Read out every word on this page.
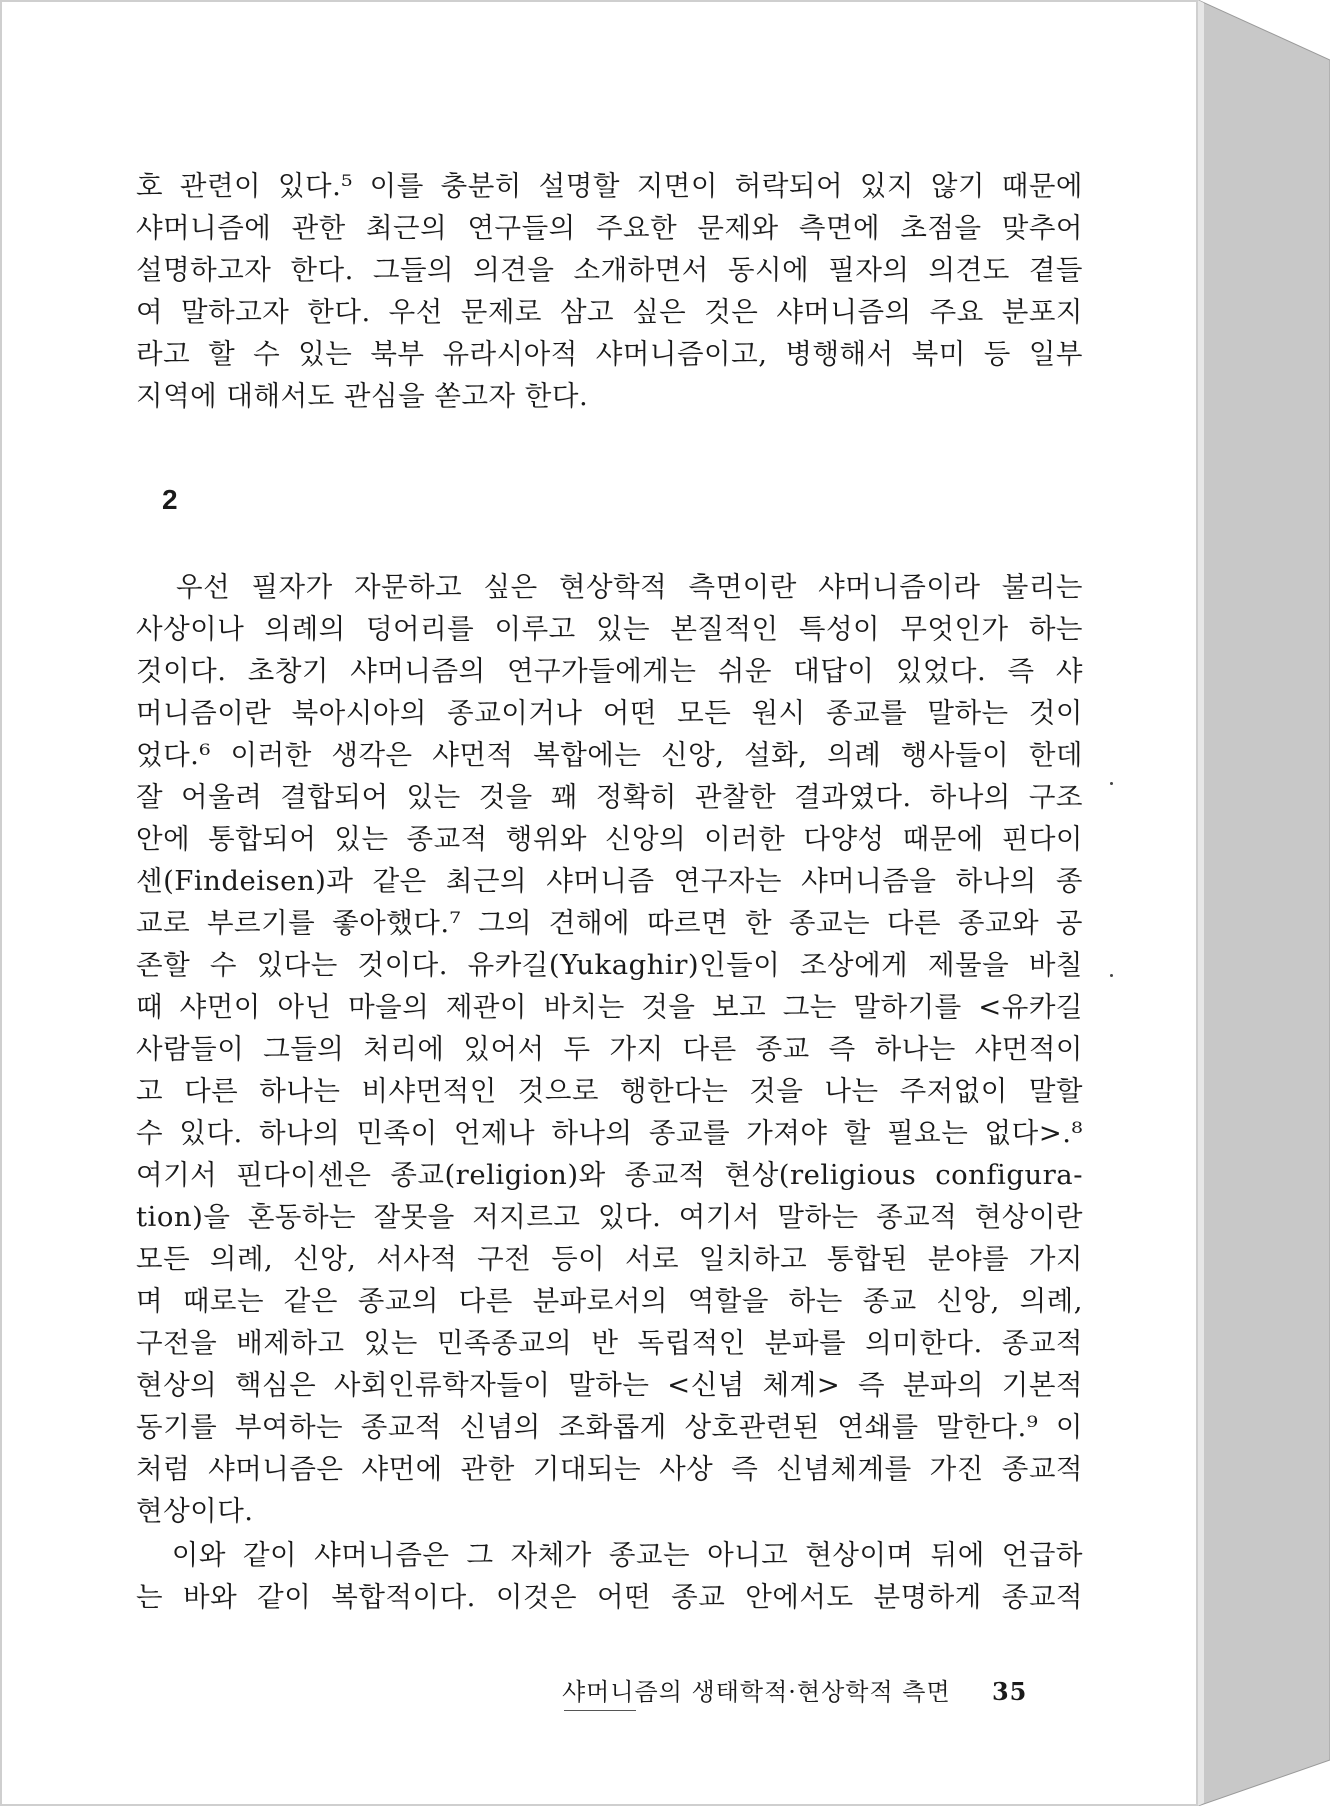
호 관련이 있다.⁵ 이를 충분히 설명할 지면이 허락되어 있지 않기 때문에
샤머니즘에 관한 최근의 연구들의 주요한 문제와 측면에 초점을 맞추어
설명하고자 한다. 그들의 의견을 소개하면서 동시에 필자의 의견도 곁들
여 말하고자 한다. 우선 문제로 삼고 싶은 것은 샤머니즘의 주요 분포지
라고 할 수 있는 북부 유라시아적 샤머니즘이고, 병행해서 북미 등 일부
지역에 대해서도 관심을 쏟고자 한다.
2
　우선 필자가 자문하고 싶은 현상학적 측면이란 샤머니즘이라 불리는
사상이나 의례의 덩어리를 이루고 있는 본질적인 특성이 무엇인가 하는
것이다. 초창기 샤머니즘의 연구가들에게는 쉬운 대답이 있었다. 즉 샤
머니즘이란 북아시아의 종교이거나 어떤 모든 원시 종교를 말하는 것이
었다.⁶ 이러한 생각은 샤먼적 복합에는 신앙, 설화, 의례 행사들이 한데
잘 어울려 결합되어 있는 것을 꽤 정확히 관찰한 결과였다. 하나의 구조
안에 통합되어 있는 종교적 행위와 신앙의 이러한 다양성 때문에 핀다이
센(Findeisen)과 같은 최근의 샤머니즘 연구자는 샤머니즘을 하나의 종
교로 부르기를 좋아했다.⁷ 그의 견해에 따르면 한 종교는 다른 종교와 공
존할 수 있다는 것이다. 유카길(Yukaghir)인들이 조상에게 제물을 바칠
때 샤먼이 아닌 마을의 제관이 바치는 것을 보고 그는 말하기를 <유카길
사람들이 그들의 처리에 있어서 두 가지 다른 종교 즉 하나는 샤먼적이
고 다른 하나는 비샤먼적인 것으로 행한다는 것을 나는 주저없이 말할
수 있다. 하나의 민족이 언제나 하나의 종교를 가져야 할 필요는 없다>.⁸
여기서 핀다이센은 종교(religion)와 종교적 현상(religious configura-
tion)을 혼동하는 잘못을 저지르고 있다. 여기서 말하는 종교적 현상이란
모든 의례, 신앙, 서사적 구전 등이 서로 일치하고 통합된 분야를 가지
며 때로는 같은 종교의 다른 분파로서의 역할을 하는 종교 신앙, 의례,
구전을 배제하고 있는 민족종교의 반 독립적인 분파를 의미한다. 종교적
현상의 핵심은 사회인류학자들이 말하는 <신념 체계> 즉 분파의 기본적
동기를 부여하는 종교적 신념의 조화롭게 상호관련된 연쇄를 말한다.⁹ 이
처럼 샤머니즘은 샤먼에 관한 기대되는 사상 즉 신념체계를 가진 종교적
현상이다.
　이와 같이 샤머니즘은 그 자체가 종교는 아니고 현상이며 뒤에 언급하
는 바와 같이 복합적이다. 이것은 어떤 종교 안에서도 분명하게 종교적
샤머니즘의 생태학적·현상학적 측면 35
